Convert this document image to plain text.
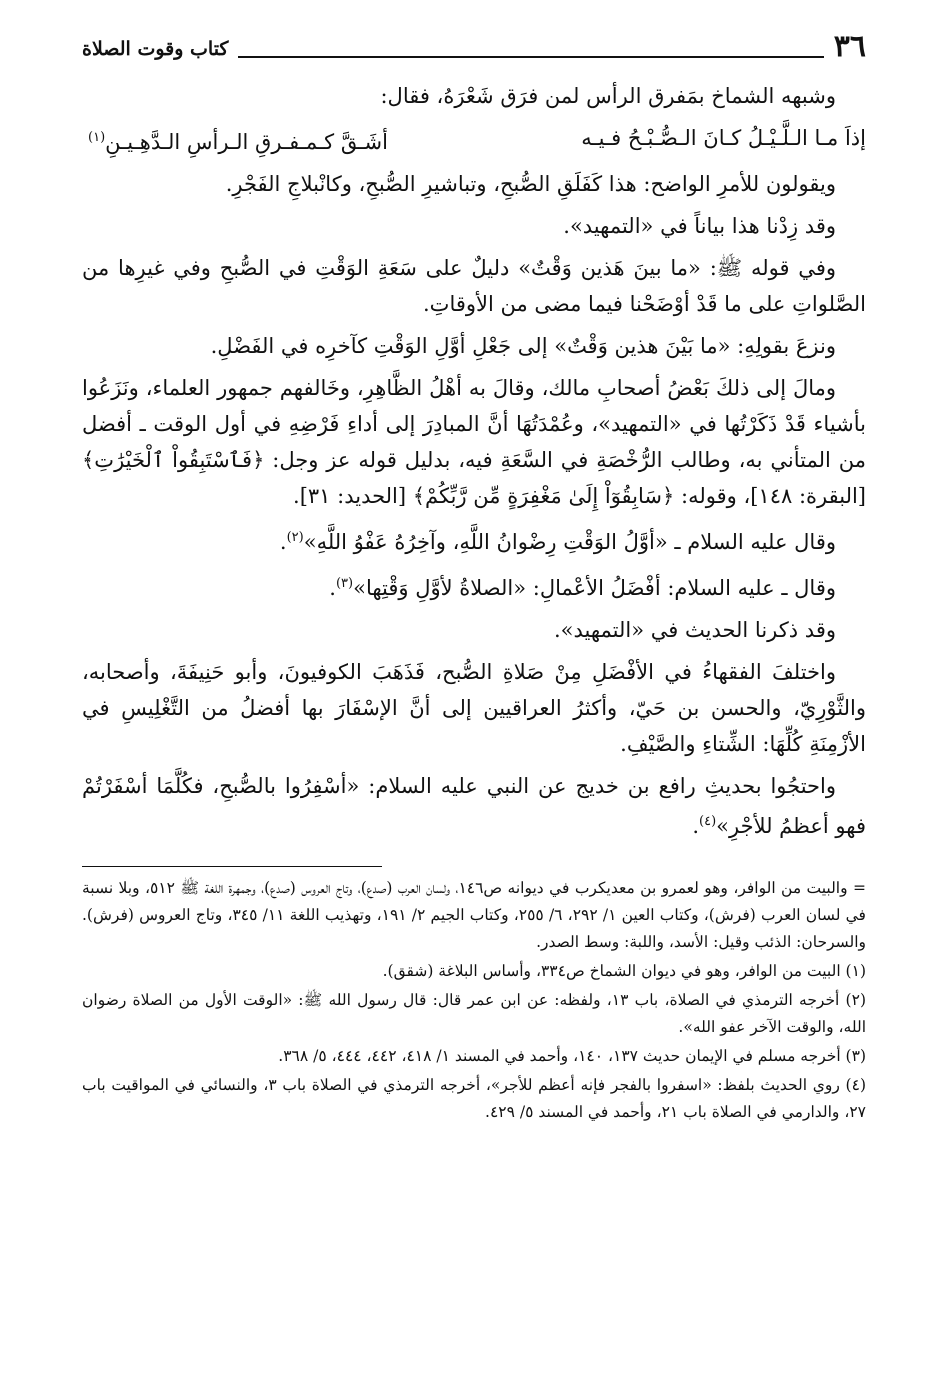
٣٦
كتاب وقوت الصلاة

وشبهه الشماخ بمَفرق الرأس لمن فرَق شَعْرَهُ، فقال:

إذاَ مـا الـلَّـيْـلُ كـانَ الـصُّـبْـحُ فـيـه
أشَـقَّ كـمـفـرقِ الـرأسِ الـدَّهِـيـنِ$^{(١)}$

ويقولون للأمرِ الواضح: هذا كَفَلَقِ الصُّبحِ، وتباشيرِ الصُّبحِ، وكانْبلاجِ الفَجْرِ.

وقد زِدْنا هذا بياناً في «التمهيد».

وفي قوله ﷺ: «ما بينَ هَذين وَقْتٌ» دليلٌ على سَعَةِ الوَقْتِ في الصُّبحِ وفي غيرِها من الصَّلواتِ على ما قَدْ أوْضَحْنا فيما مضى من الأوقاتِ.

ونزعَ بقولِهِ: «ما بَيْنَ هذين وَقْتٌ» إلى جَعْلِ أوَّلِ الوَقْتِ كآخرِه في الفَضْلِ.

ومالَ إلى ذلكَ بَعْضُ أصحابِ مالك، وقالَ به أهْلُ الظَّاهِرِ، وخَالفهم جمهور العلماء، ونَزَعُوا بأشياء قَدْ ذَكَرْتُها في «التمهيد»، وعُمْدَتُهَا أنَّ المبادِرَ إلى أداءِ فَرْضِهِ في أول الوقت ـ أفضل من المتأني به، وطالب الرُّخْصَةِ في السَّعَةِ فيه، بدليل قوله عز وجل: ﴿فَٱسْتَبِقُواْ ٱلْخَيْرَٰتِ﴾ [البقرة: ١٤٨]، وقوله: ﴿سَابِقُوٓاْ إِلَىٰ مَغْفِرَةٍ مِّن رَّبِّكُمْ﴾ [الحديد: ٣١].

وقال عليه السلام ـ «أوَّلُ الوَقْتِ رِضْوانُ اللَّهِ، وآخِرُهُ عَفْوُ اللَّهِ»$^{(٢)}$.

وقال ـ عليه السلام: أفْضَلُ الأعْمالِ: «الصلاةُ لأوَّلِ وَقْتِها»$^{(٣)}$.

وقد ذكرنا الحديث في «التمهيد».

واختلفَ الفقهاءُ في الأفْضَلِ مِنْ صَلاةِ الصُّبح، فَذَهَبَ الكوفيونَ، وأبو حَنِيفَةَ، وأصحابه، والثَّوْرِيّ، والحسن بن حَيّ، وأكثرُ العراقيين إلى أنَّ الإسْفَارَ بها أفضلُ من التَّغْلِيسِ في الأزْمِنَةِ كُلِّهَا: الشِّتاءِ والصَّيْفِ.

واحتجُوا بحديثِ رافع بن خديج عن النبي عليه السلام: «أسْفِرُوا بالصُّبحِ، فكُلَّمَا أسْفَرْتُمْ فهو أعظمُ للأجْرِ»$^{(٤)}$.

= والبيت من الوافر، وهو لعمرو بن معديكرب في ديوانه ص١٤٦، ولسان العرب (صدع)، وتاج العروس (صدع)، وجمهرة اللغة ﷺ ٥١٢، وبلا نسبة في لسان العرب (فرش)، وكتاب العين ١/ ٢٩٢، ٦/ ٢٥٥، وكتاب الجيم ٢/ ١٩١، وتهذيب اللغة ١١/ ٣٤٥، وتاج العروس (فرش). والسرحان: الذئب وقيل: الأسد، واللبة: وسط الصدر.

(١) البيت من الوافر، وهو في ديوان الشماخ ص٣٣٤، وأساس البلاغة (شقق).

(٢) أخرجه الترمذي في الصلاة، باب ١٣، ولفظه: عن ابن عمر قال: قال رسول الله ﷺ: «الوقت الأول من الصلاة رضوان الله، والوقت الآخر عفو الله».

(٣) أخرجه مسلم في الإيمان حديث ١٣٧، ١٤٠، وأحمد في المسند ١/ ٤١٨، ٤٤٢، ٤٤٤، ٥/ ٣٦٨.

(٤) روي الحديث بلفظ: «اسفروا بالفجر فإنه أعظم للأجر»، أخرجه الترمذي في الصلاة باب ٣، والنسائي في المواقيت باب ٢٧، والدارمي في الصلاة باب ٢١، وأحمد في المسند ٥/ ٤٢٩.
